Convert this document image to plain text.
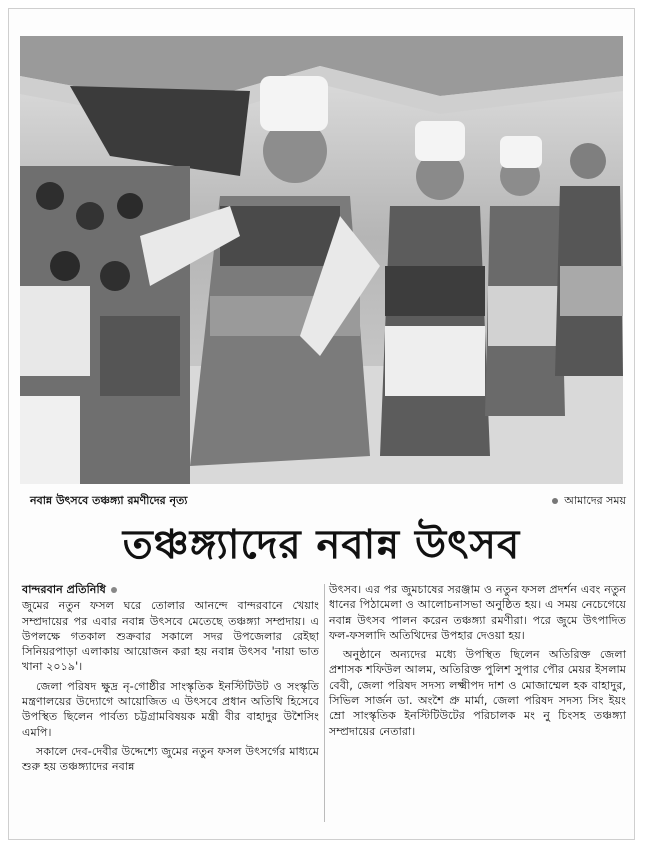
নবান্ন উৎসবে তঞ্চঙ্গ্যা রমণীদের নৃত্য	আমাদের সময়
তঞ্চঙ্গ্যাদের নবান্ন উৎসব
বান্দরবান প্রতিনিধি

জুমের নতুন ফসল ঘরে তোলার আনন্দে বান্দরবানে খেয়াং সম্প্রদায়ের পর এবার নবান্ন উৎসবে মেতেছে তঞ্চঙ্গ্যা সম্প্রদায়। এ উপলক্ষে গতকাল শুক্রবার সকালে সদর উপজেলার রেইছা সিনিয়রপাড়া এলাকায় আয়োজন করা হয় নবান্ন উৎসব 'নায়া ভাত খানা ২০১৯'।

জেলা পরিষদ ক্ষুদ্র নৃ-গোষ্ঠীর সাংস্কৃতিক ইনস্টিটিউট ও সংস্কৃতি মন্ত্রণালয়ের উদ্যোগে আয়োজিত এ উৎসবে প্রধান অতিথি হিসেবে উপস্থিত ছিলেন পার্বত্য চট্টগ্রামবিষয়ক মন্ত্রী বীর বাহাদুর উশৈসিং এমপি।

সকালে দেব-দেবীর উদ্দেশ্যে জুমের নতুন ফসল উৎসর্গের মাধ্যমে শুরু হয় তঞ্চঙ্গ্যাদের নবান্ন

উৎসব। এর পর জুমচাষের সরঞ্জাম ও নতুন ফসল প্রদর্শন এবং নতুন ধানের পিঠামেলা ও আলোচনাসভা অনুষ্ঠিত হয়। এ সময় নেচেগেয়ে নবান্ন উৎসব পালন করেন তঞ্চঙ্গ্যা রমণীরা। পরে জুমে উৎপাদিত ফল-ফসলাদি অতিথিদের উপহার দেওয়া হয়।

অনুষ্ঠানে অন্যদের মধ্যে উপস্থিত ছিলেন অতিরিক্ত জেলা প্রশাসক শফিউল আলম, অতিরিক্ত পুলিশ সুপার পৌর মেয়র ইসলাম বেবী, জেলা পরিষদ সদস্য লক্ষ্মীপদ দাশ ও মোজাম্মেল হক বাহাদুর, সিভিল সার্জন ডা. অংশৈ প্রু মার্মা, জেলা পরিষদ সদস্য সিং ইয়ং ম্রো সাংস্কৃতিক ইনস্টিটিউটের পরিচালক মং নু চিংসহ তঞ্চঙ্গ্যা সম্প্রদায়ের নেতারা।
